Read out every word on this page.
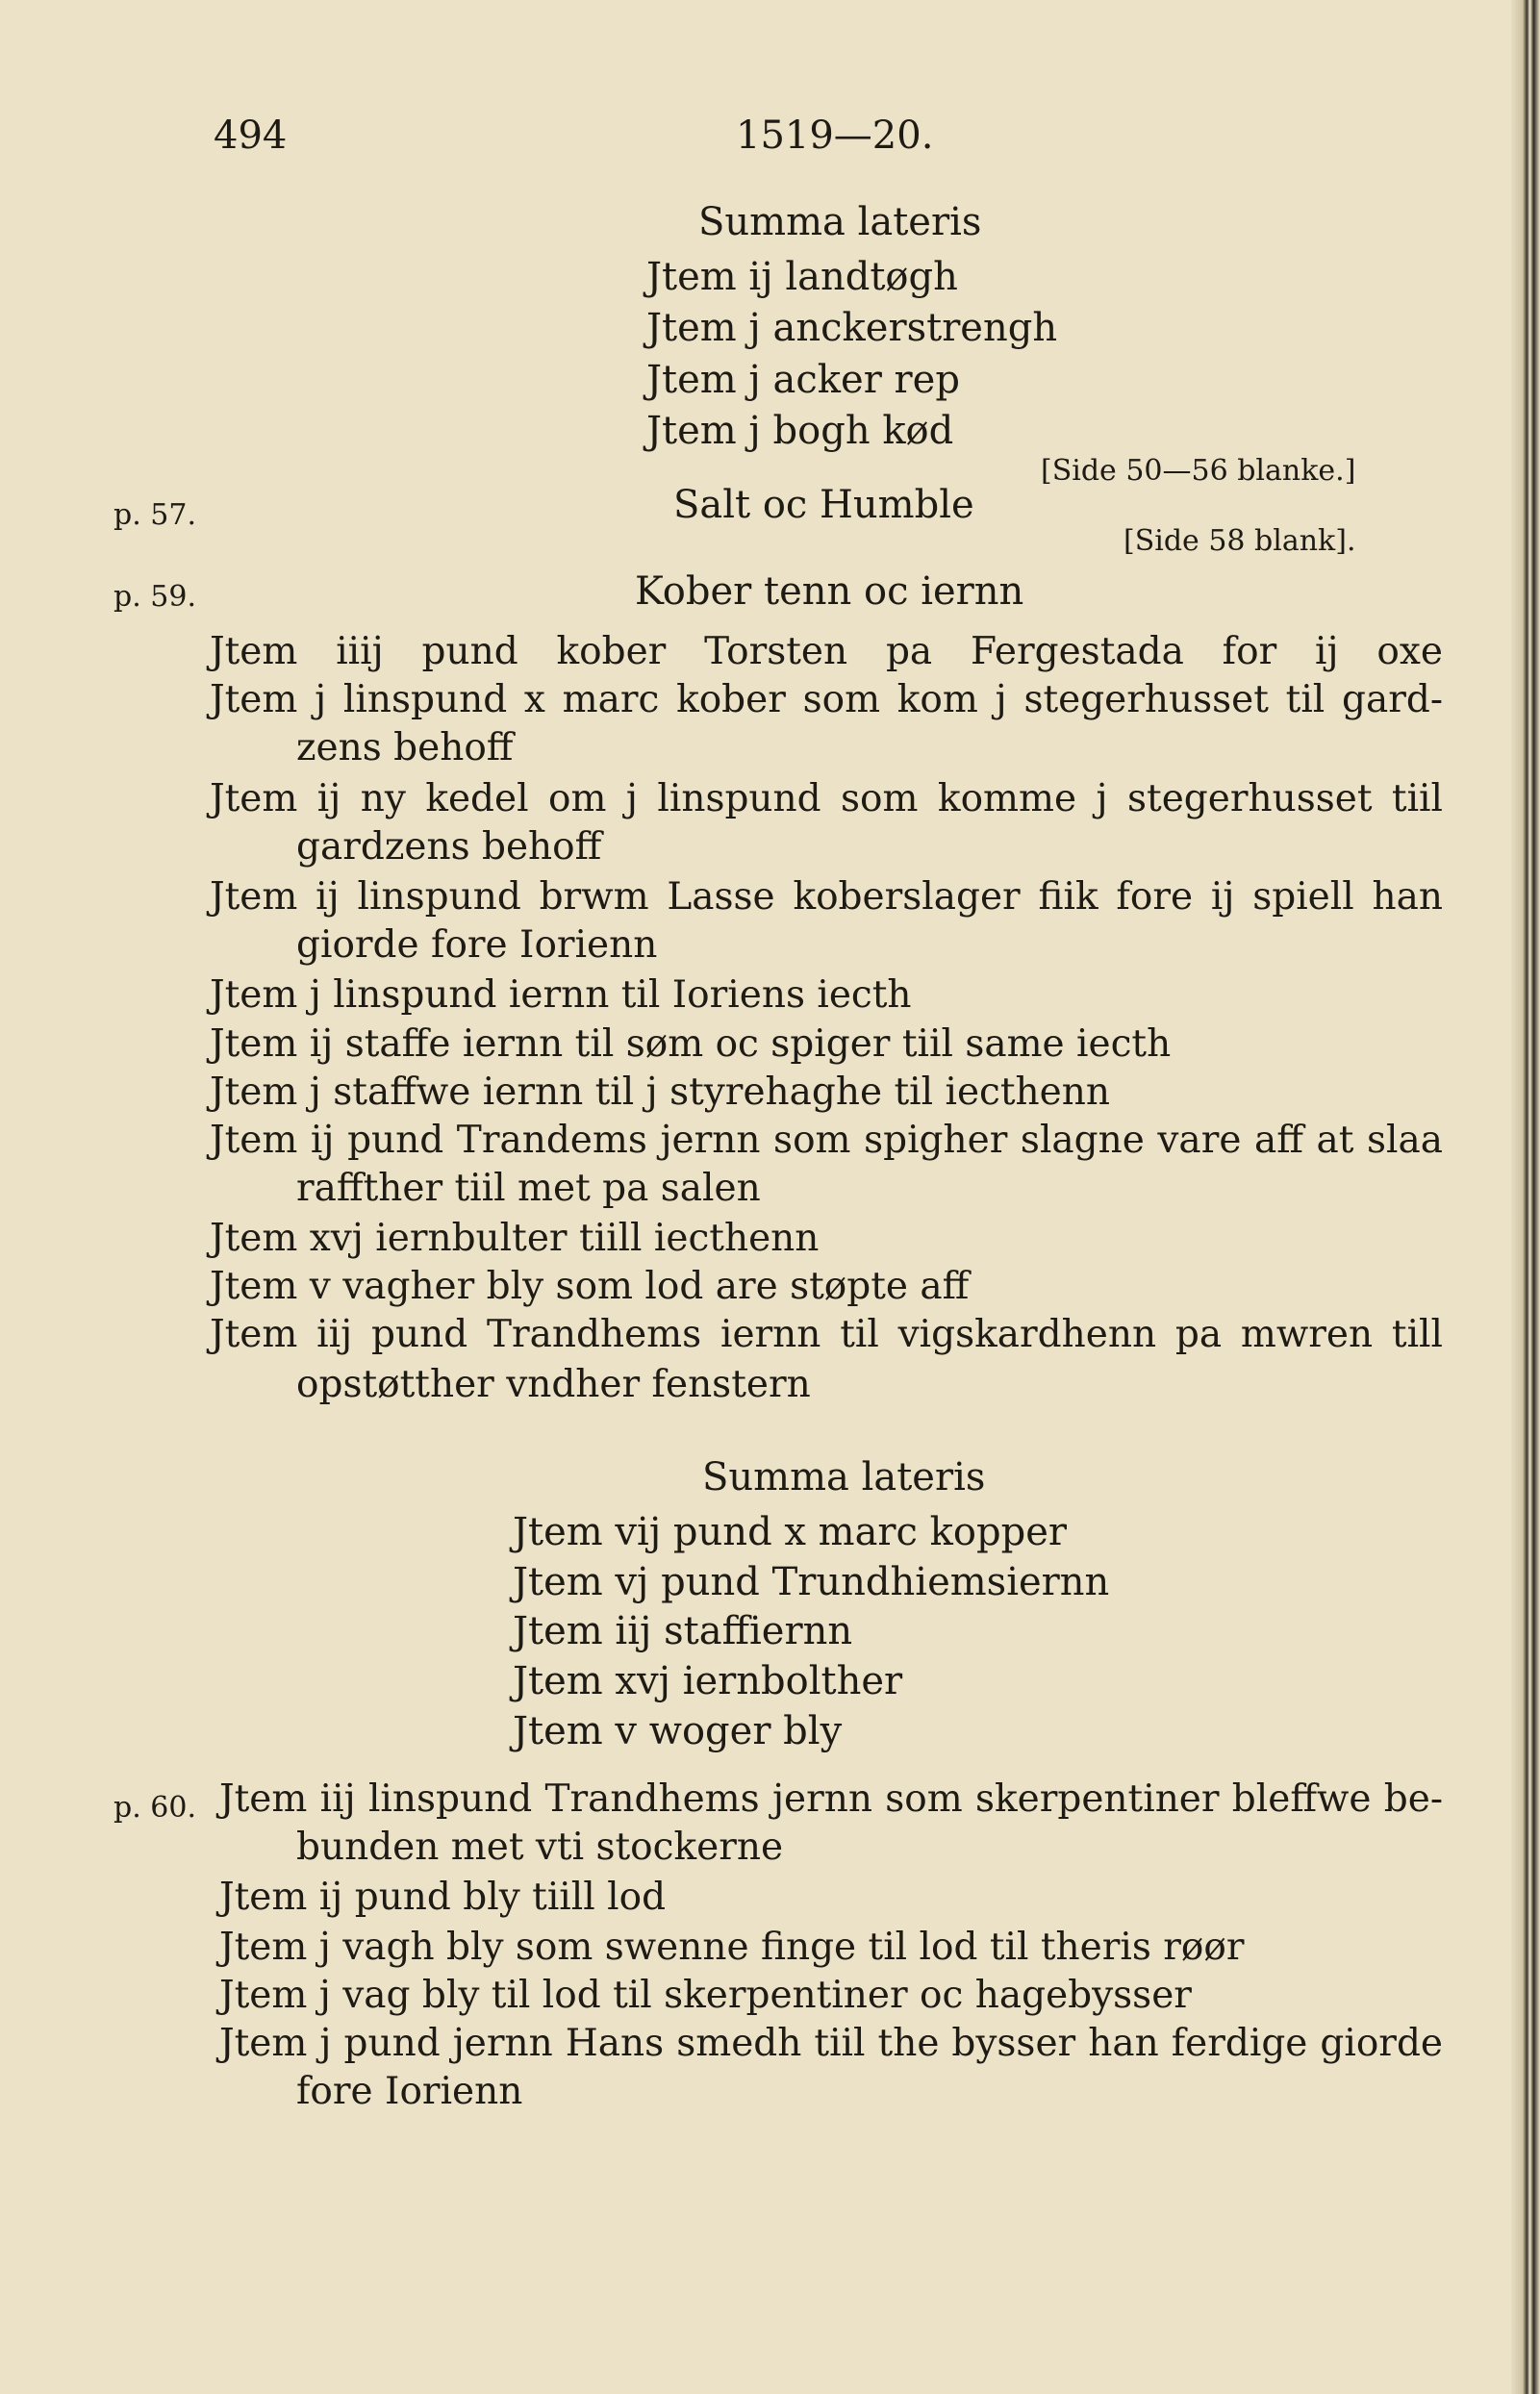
494	1519—20.
Summa lateris
Jtem ij landtøgh
Jtem j anckerstrengh
Jtem j acker rep
Jtem j bogh kød
[Side 50—56 blanke.]
p. 57.	Salt oc Humble
[Side 58 blank].
p. 59.	Kober tenn oc iernn
Jtem iiij pund kober Torsten pa Fergestada for ij oxe
Jtem j linspund x marc kober som kom j stegerhusset til gard-
zens behoff
Jtem ij ny kedel om j linspund som komme j stegerhusset tiil
gardzens behoff
Jtem ij linspund brwm Lasse koberslager fiik fore ij spiell han
giorde fore Iorienn
Jtem j linspund iernn til Ioriens iecth
Jtem ij staffe iernn til søm oc spiger tiil same iecth
Jtem j staffwe iernn til j styrehaghe til iecthenn
Jtem ij pund Trandems jernn som spigher slagne vare aff at slaa
raffther tiil met pa salen
Jtem xvj iernbulter tiill iecthenn
Jtem v vagher bly som lod are støpte aff
Jtem iij pund Trandhems iernn til vigskardhenn pa mwren till
opstøtther vndher fenstern
Summa lateris
Jtem vij pund x marc kopper
Jtem vj pund Trundhiemsiernn
Jtem iij staffiernn
Jtem xvj iernbolther
Jtem v woger bly
p. 60. Jtem iij linspund Trandhems jernn som skerpentiner bleffwe be-
bunden met vti stockerne
Jtem ij pund bly tiill lod
Jtem j vagh bly som swenne finge til lod til theris røør
Jtem j vag bly til lod til skerpentiner oc hagebysser
Jtem j pund jernn Hans smedh tiil the bysser han ferdige giorde
fore Iorienn
